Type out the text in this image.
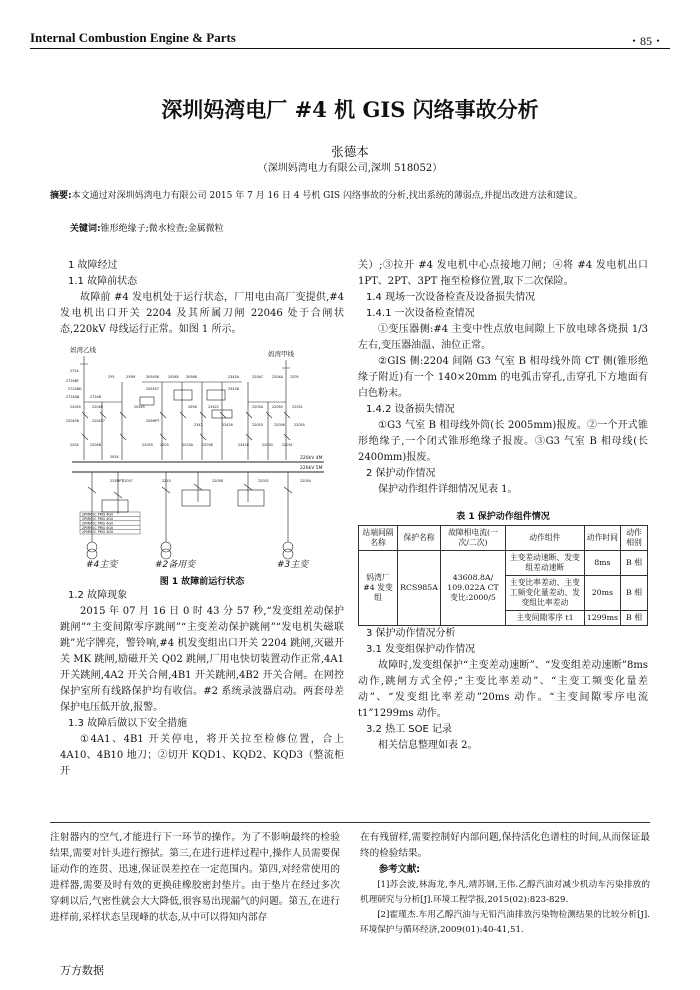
Internal Combustion Engine & Parts	・85・
深圳妈湾电厂 #4 机 GIS 闪络事故分析
张德本
（深圳妈湾电力有限公司,深圳 518052）
摘要:本文通过对深圳妈湾电力有限公司 2015 年 7 月 16 日 4 号机 GIS 闪络事故的分析,找出系统的薄弱点,并提出改进方法和建议。
关键词:锥形绝缘子;微水检查;金属微粒

1 故障经过

1.1 故障前状态

故障前 #4 发电机处于运行状态，厂用电由高厂变提供,#4 发电机出口开关 2204 及其所属刀闸 22046 处于合闸状态,220kV 母线运行正常。如图 1 所示。

妈湾乙线	妈湾甲线
220kV 4M
220kV 5M
2PMM IC PMG 4G0
2PMM IC PMG 4G0
2PMM IC PMG 4G0
2PMM IC PMG 4G0
2PMM IC PMG 4G0
#4主变	#2备用变	#3主变
2724
2724BF
2724BD
2724B
2724AB
2Y5	2Y5M
22045	22046
220458	220457
2204	2204B
225MPT
2054
205458
205457
20545
205MPT
20565 20566
2056
2342
2342A
2342B
23422
23426
23428
2204C	2204A 2205
2205A	22050	22051
22053	22056	22055
2203	2203A	22038	22030	22031
2253	22058	22052	22054
22057
22059
图 1 故障前运行状态

1.2 故障现象

2015 年 07 月 16 日 0 时 43 分 57 秒,“发变组差动保护跳闸”“主变间隙零序跳闸”“主变差动保护跳闸”“发电机失磁联跳”光字牌亮，警铃响,#4 机发变组出口开关 2204 跳闸,灭磁开关 MK 跳闸,励磁开关 Q02 跳闸,厂用电快切装置动作正常,4A1 开关跳闸,4A2 开关合闸,4B1 开关跳闸,4B2 开关合闸。在网控保护室所有线路保护均有收信。#2 系统录波器启动。两套母差保护电压低开放,报警。

1.3 故障后做以下安全措施

①4A1、4B1 开关停电，将开关拉至检修位置，合上 4A10、4B10 地刀；②切开 KQD1、KQD2、KQD3（整流柜开

关）;③拉开 #4 发电机中心点接地刀闸；④将 #4 发电机出口 1PT、2PT、3PT 拖至检修位置,取下二次保险。

1.4 现场一次设备检查及设备损失情况

1.4.1 一次设备检查情况

①变压器侧:#4 主变中性点放电间隙上下放电球各烧损 1/3 左右,变压器油温、油位正常。

②GIS 侧:2204 间隔 G3 气室 B 相母线外筒 CT 侧(锥形绝缘子附近)有一个 140×20mm 的电弧击穿孔,击穿孔下方地面有白色粉末。

1.4.2 设备损失情况

①G3 气室 B 相母线外筒(长 2005mm)报废。②一个开式锥形绝缘子,一个闭式锥形绝缘子报废。③G3 气室 B 相母线(长 2400mm)报废。

2 保护动作情况

保护动作组件详细情况见表 1。

表 1 保护动作组件情况
站端间隔名称	保护名称	故障相电流(一次/二次)	动作组件	动作时间	动作相别
妈湾厂 #4 发变组	RCS985A	43608.8A/ 109.022A CT 变比:2000/5	主变差动速断、发变组差动速断	8ms	B 相
			主变比率差动、主变工频变化量差动、发变组比率差动	20ms	B 相
			主变间隙零序 t1	1299ms	B 相

3 保护动作情况分析

3.1 发变组保护动作情况

故障时,发变组保护“主变差动速断”、“发变组差动速断”8ms 动作,跳闸方式全停;“主变比率差动”、“主变工频变化量差动”、“发变组比率差动”20ms 动作。“主变间隙零序电流 t1”1299ms 动作。

3.2 热工 SOE 记录

相关信息整理如表 2。

注射器内的空气,才能进行下一环节的操作。为了不影响最终的检验结果,需要对针头进行擦拭。第三,在进行进样过程中,操作人员需要保证动作的连贯、迅速,保证误差控在一定范围内。第四,对经常使用的进样器,需要及时有效的更换硅橡胶密封垫片。由于垫片在经过多次穿刺以后,气密性就会大大降低,很容易出现漏气的问题。第五,在进行进样前,采样状态呈现峰的状态,从中可以得知内部存

在有残留样,需要控制好内部问题,保持活化色谱柱的时间,从而保证最终的检验结果。

参考文献:

[1]苏会波,林海龙,李凡,靖苏钢,王伟.乙醇汽油对减少机动车污染排放的机理研究与分析[J].环境工程学报,2015(02):823-829.

[2]霍瑾杰.车用乙醇汽油与无铅汽油排放污染物检测结果的比较分析[J].环境保护与循环经济,2009(01):40-41,51.

万方数据
